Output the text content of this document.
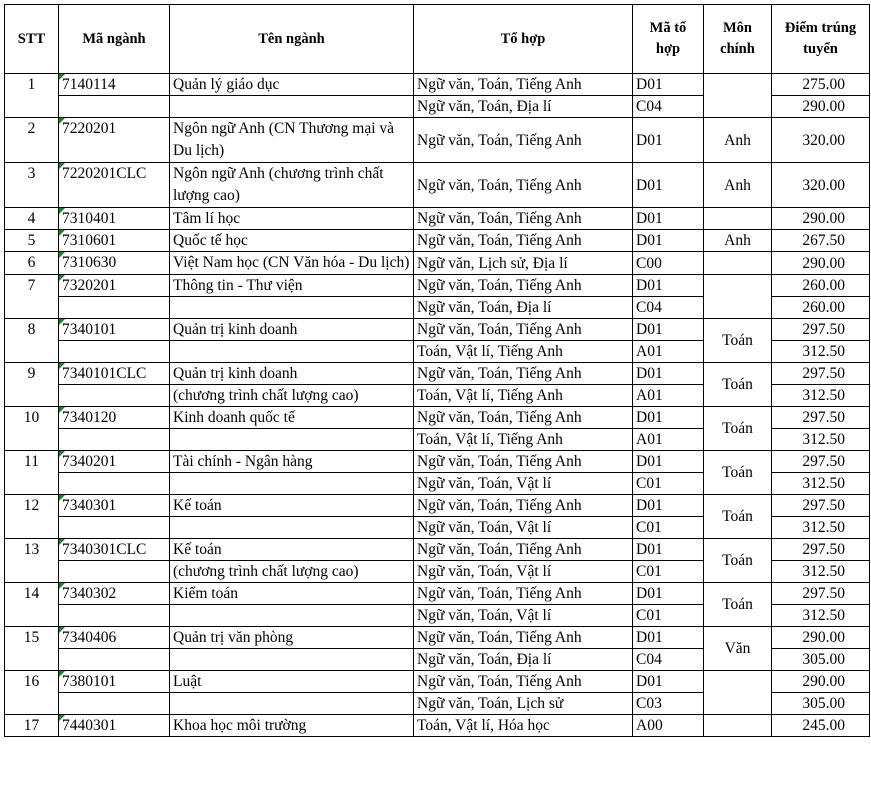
STT	Mã ngành	Tên ngành	Tổ hợp	Mã tổ hợp	Môn chính	Điểm trúng tuyển
1	7140114	Quản lý giáo dục	Ngữ văn, Toán, Tiếng Anh	D01		275.00
			Ngữ văn, Toán, Địa lí	C04		290.00
2	7220201	Ngôn ngữ Anh (CN Thương mại và Du lịch)	Ngữ văn, Toán, Tiếng Anh	D01	Anh	320.00
3	7220201CLC	Ngôn ngữ Anh (chương trình chất lượng cao)	Ngữ văn, Toán, Tiếng Anh	D01	Anh	320.00
4	7310401	Tâm lí học	Ngữ văn, Toán, Tiếng Anh	D01		290.00
5	7310601	Quốc tế học	Ngữ văn, Toán, Tiếng Anh	D01	Anh	267.50
6	7310630	Việt Nam học (CN Văn hóa - Du lịch)	Ngữ văn, Lịch sử, Địa lí	C00		290.00
7	7320201	Thông tin - Thư viện	Ngữ văn, Toán, Tiếng Anh	D01		260.00
			Ngữ văn, Toán, Địa lí	C04		260.00
8	7340101	Quản trị kinh doanh	Ngữ văn, Toán, Tiếng Anh	D01	Toán	297.50
			Toán, Vật lí, Tiếng Anh	A01		312.50
9	7340101CLC	Quản trị kinh doanh	Ngữ văn, Toán, Tiếng Anh	D01	Toán	297.50
		(chương trình chất lượng cao)	Toán, Vật lí, Tiếng Anh	A01		312.50
10	7340120	Kinh doanh quốc tế	Ngữ văn, Toán, Tiếng Anh	D01	Toán	297.50
			Toán, Vật lí, Tiếng Anh	A01		312.50
11	7340201	Tài chính - Ngân hàng	Ngữ văn, Toán, Tiếng Anh	D01	Toán	297.50
			Ngữ văn, Toán, Vật lí	C01		312.50
12	7340301	Kế toán	Ngữ văn, Toán, Tiếng Anh	D01	Toán	297.50
			Ngữ văn, Toán, Vật lí	C01		312.50
13	7340301CLC	Kế toán	Ngữ văn, Toán, Tiếng Anh	D01	Toán	297.50
		(chương trình chất lượng cao)	Ngữ văn, Toán, Vật lí	C01		312.50
14	7340302	Kiểm toán	Ngữ văn, Toán, Tiếng Anh	D01	Toán	297.50
			Ngữ văn, Toán, Vật lí	C01		312.50
15	7340406	Quản trị văn phòng	Ngữ văn, Toán, Tiếng Anh	D01	Văn	290.00
			Ngữ văn, Toán, Địa lí	C04		305.00
16	7380101	Luật	Ngữ văn, Toán, Tiếng Anh	D01		290.00
			Ngữ văn, Toán, Lịch sử	C03		305.00
17	7440301	Khoa học môi trường	Toán, Vật lí, Hóa học	A00		245.00
